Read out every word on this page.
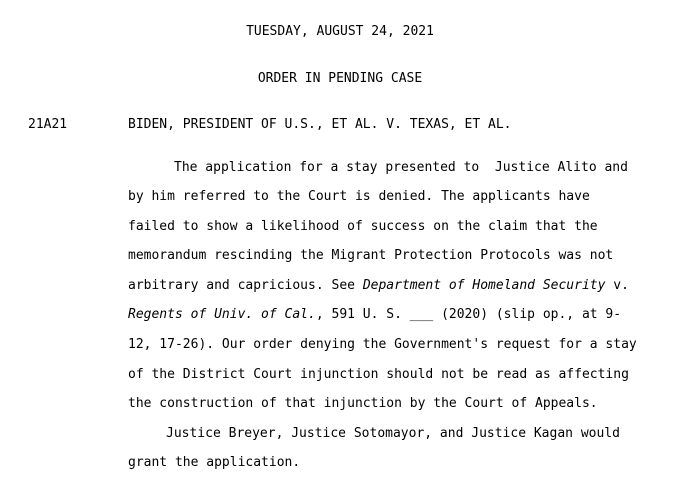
TUESDAY, AUGUST 24, 2021
ORDER IN PENDING CASE
21A21	BIDEN, PRESIDENT OF U.S., ET AL. V. TEXAS, ET AL.
The application for a stay presented to  Justice Alito and
by him referred to the Court is denied. The applicants have
failed to show a likelihood of success on the claim that the
memorandum rescinding the Migrant Protection Protocols was not
arbitrary and capricious. See Department of Homeland Security v.
Regents of Univ. of Cal., 591 U. S. ___ (2020) (slip op., at 9-
12, 17-26). Our order denying the Government's request for a stay
of the District Court injunction should not be read as affecting
the construction of that injunction by the Court of Appeals.
Justice Breyer, Justice Sotomayor, and Justice Kagan would
grant the application.
